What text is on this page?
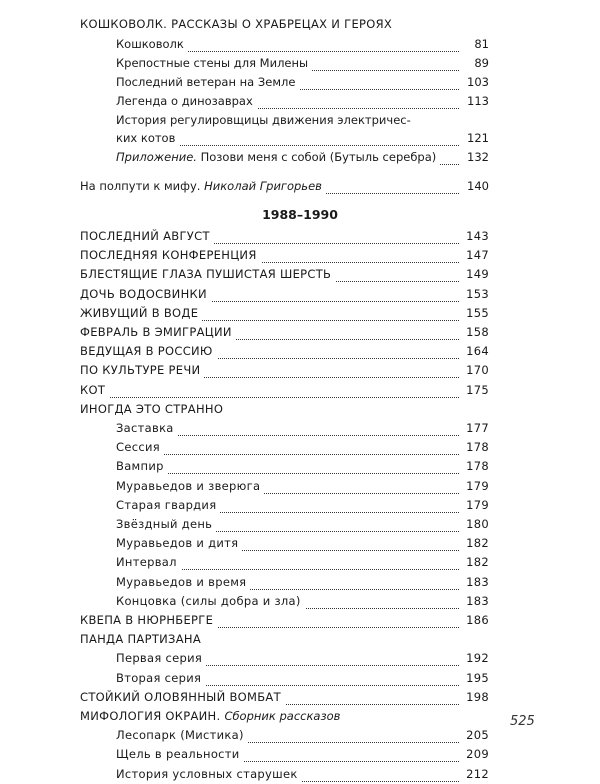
КОШКОВОЛК. РАССКАЗЫ О ХРАБРЕЦАХ И ГЕРОЯХ
Кошковолк	81
Крепостные стены для Милены	89
Последний ветеран на Земле	103
Легенда о динозаврах	113
История регулировщицы движения электричес-
ких котов	121
Приложение. Позови меня с собой (Бутыль серебра)	132
На полпути к мифу. Николай Григорьев	140
1988–1990
ПОСЛЕДНИЙ АВГУСТ	143
ПОСЛЕДНЯЯ КОНФЕРЕНЦИЯ	147
БЛЕСТЯЩИЕ ГЛАЗА ПУШИСТАЯ ШЕРСТЬ	149
ДОЧЬ ВОДОСВИНКИ	153
ЖИВУЩИЙ В ВОДЕ	155
ФЕВРАЛЬ В ЭМИГРАЦИИ	158
ВЕДУЩАЯ В РОССИЮ	164
ПО КУЛЬТУРЕ РЕЧИ	170
КОТ	175
ИНОГДА ЭТО СТРАННО
Заставка	177
Сессия	178
Вампир	178
Муравьедов и зверюга	179
Старая гвардия	179
Звёздный день	180
Муравьедов и дитя	182
Интервал	182
Муравьедов и время	183
Концовка (силы добра и зла)	183
КВЕПА В НЮРНБЕРГЕ	186
ПАНДА ПАРТИЗАНА
Первая серия	192
Вторая серия	195
СТОЙКИЙ ОЛОВЯННЫЙ ВОМБАТ	198
МИФОЛОГИЯ ОКРАИН. Сборник рассказов
Лесопарк (Мистика)	205
Щель в реальности	209
История условных старушек	212
525
